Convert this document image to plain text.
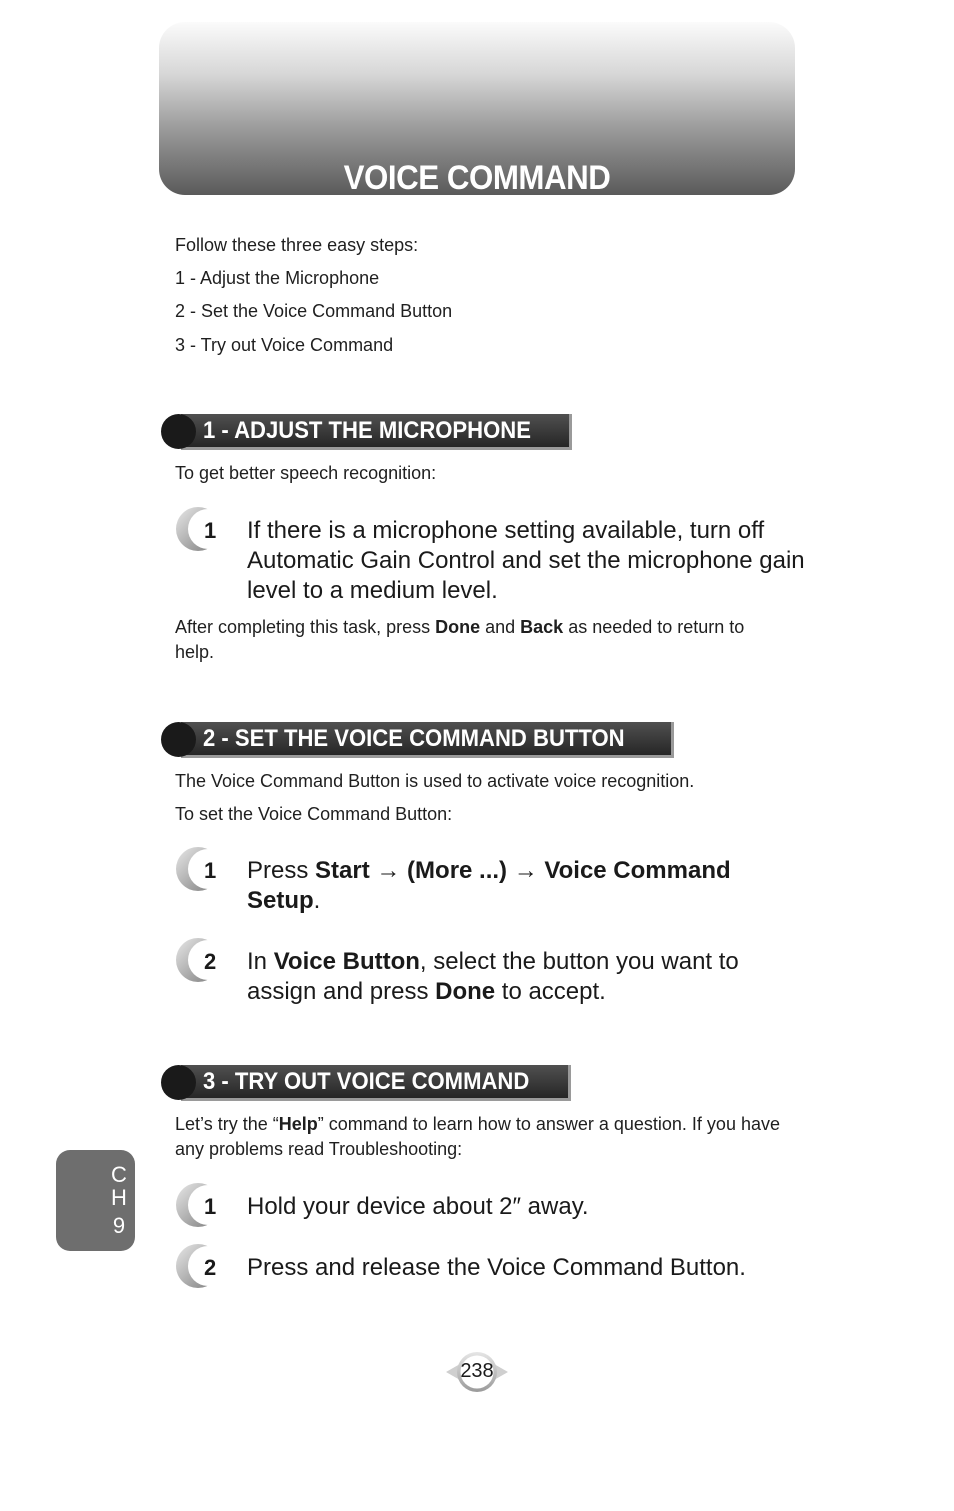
VOICE COMMAND
Follow these three easy steps:
1 - Adjust the Microphone
2 - Set the Voice Command Button
3 - Try out Voice Command
1 - ADJUST THE MICROPHONE
To get better speech recognition:
1 If there is a microphone setting available, turn off Automatic Gain Control and set the microphone gain level to a medium level.
After completing this task, press Done and Back as needed to return to help.
2 - SET THE VOICE COMMAND BUTTON
The Voice Command Button is used to activate voice recognition.
To set the Voice Command Button:
1 Press Start → (More ...) → Voice Command Setup.
2 In Voice Button, select the button you want to assign and press Done to accept.
3 - TRY OUT VOICE COMMAND
Let’s try the “Help” command to learn how to answer a question. If you have any problems read Troubleshooting:
1 Hold your device about 2″ away.
2 Press and release the Voice Command Button.
C
H
9
238
